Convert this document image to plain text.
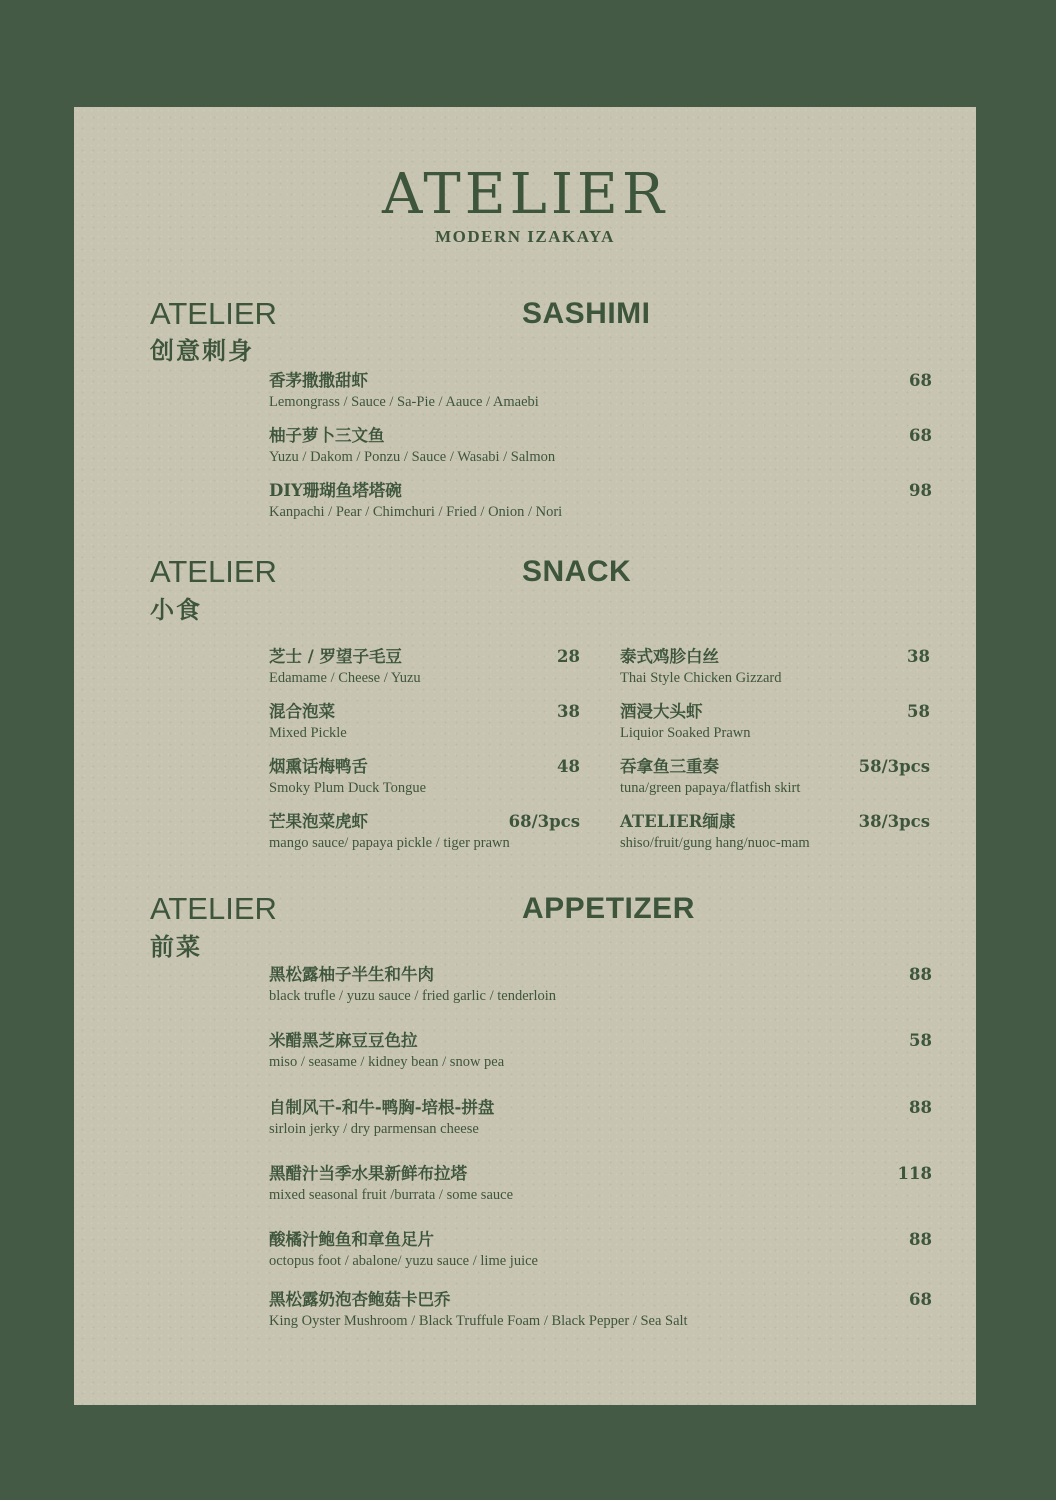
ATELIER
MODERN IZAKAYA
ATELIER	SASHIMI
创意刺身
香茅撒撒甜虾
Lemongrass / Sauce / Sa-Pie / Aauce / Amaebi
68
柚子萝卜三文鱼
Yuzu / Dakom / Ponzu / Sauce / Wasabi / Salmon
68
DIY珊瑚鱼塔塔碗
Kanpachi / Pear / Chimchuri / Fried / Onion / Nori
98
ATELIER	SNACK
小食
芝士 / 罗望子毛豆
Edamame / Cheese / Yuzu
28
混合泡菜
Mixed Pickle
38
烟熏话梅鸭舌
Smoky Plum Duck Tongue
48
芒果泡菜虎虾
mango sauce/ papaya pickle / tiger prawn
68/3pcs
泰式鸡胗白丝
Thai Style Chicken Gizzard
38
酒浸大头虾
Liquior Soaked Prawn
58
吞拿鱼三重奏
tuna/green papaya/flatfish skirt
58/3pcs
ATELIER缅康
shiso/fruit/gung hang/nuoc-mam
38/3pcs
ATELIER	APPETIZER
前菜
黑松露柚子半生和牛肉
black trufle / yuzu sauce / fried garlic / tenderloin
88
米醋黑芝麻豆豆色拉
miso / seasame / kidney bean / snow pea
58
自制风干-和牛-鸭胸-培根-拼盘
sirloin jerky / dry parmensan cheese
88
黑醋汁当季水果新鲜布拉塔
mixed seasonal fruit /burrata / some sauce
118
酸橘汁鲍鱼和章鱼足片
octopus foot / abalone/ yuzu sauce / lime juice
88
黑松露奶泡杏鲍菇卡巴乔
King Oyster Mushroom / Black Truffule Foam / Black Pepper / Sea Salt
68
